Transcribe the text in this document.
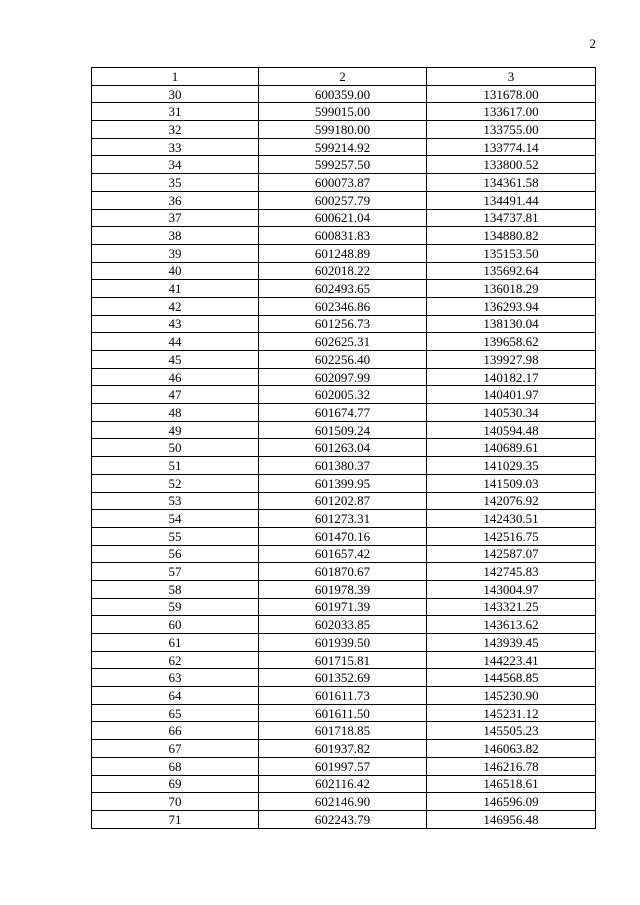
2
1	2	3
30	600359.00	131678.00
31	599015.00	133617.00
32	599180.00	133755.00
33	599214.92	133774.14
34	599257.50	133800.52
35	600073.87	134361.58
36	600257.79	134491.44
37	600621.04	134737.81
38	600831.83	134880.82
39	601248.89	135153.50
40	602018.22	135692.64
41	602493.65	136018.29
42	602346.86	136293.94
43	601256.73	138130.04
44	602625.31	139658.62
45	602256.40	139927.98
46	602097.99	140182.17
47	602005.32	140401.97
48	601674.77	140530.34
49	601509.24	140594.48
50	601263.04	140689.61
51	601380.37	141029.35
52	601399.95	141509.03
53	601202.87	142076.92
54	601273.31	142430.51
55	601470.16	142516.75
56	601657.42	142587.07
57	601870.67	142745.83
58	601978.39	143004.97
59	601971.39	143321.25
60	602033.85	143613.62
61	601939.50	143939.45
62	601715.81	144223.41
63	601352.69	144568.85
64	601611.73	145230.90
65	601611.50	145231.12
66	601718.85	145505.23
67	601937.82	146063.82
68	601997.57	146216.78
69	602116.42	146518.61
70	602146.90	146596.09
71	602243.79	146956.48
